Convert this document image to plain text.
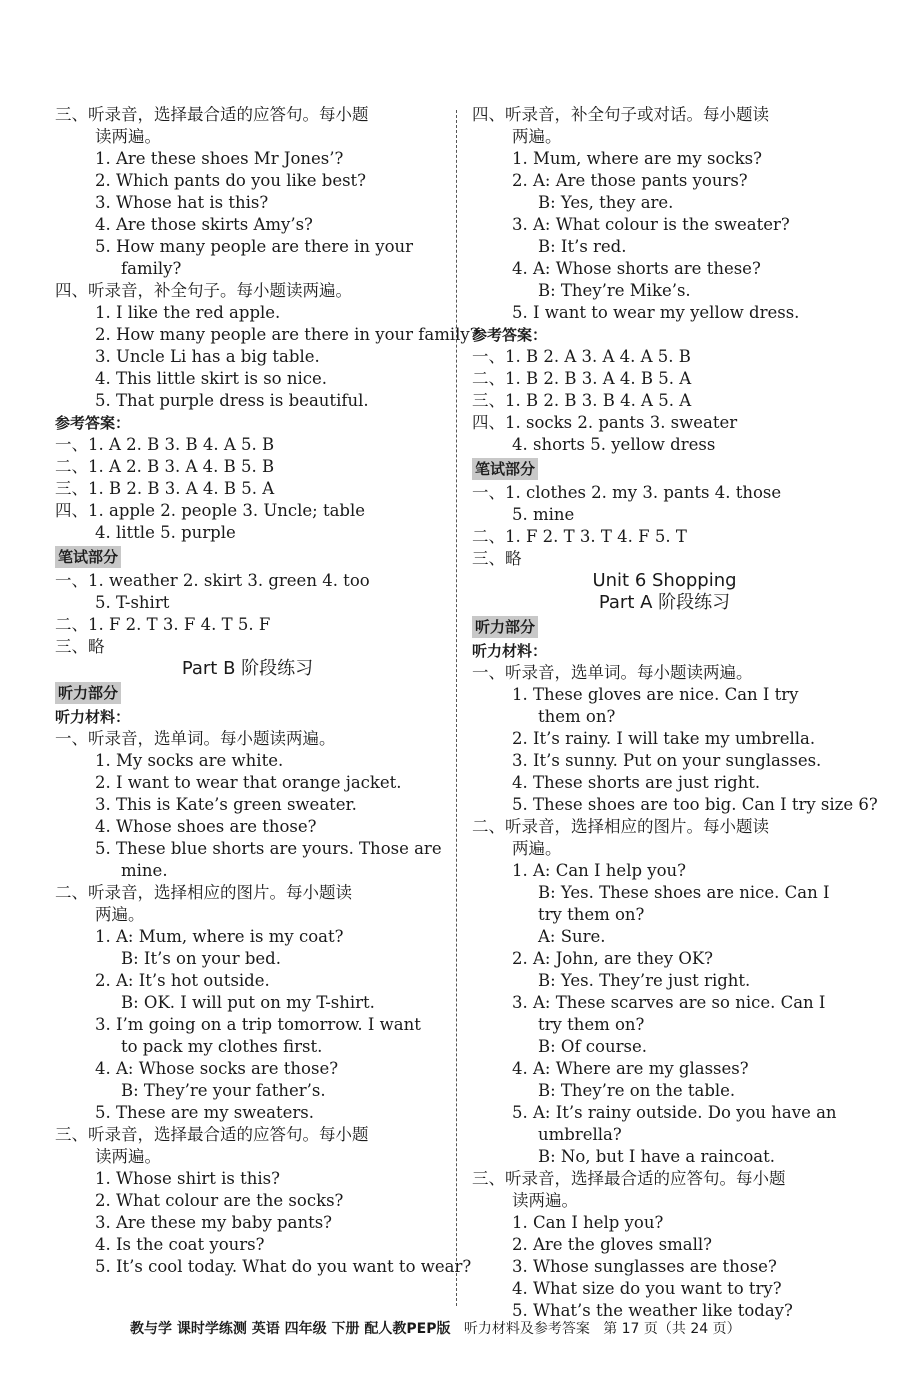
三、听录音，选择最合适的应答句。每小题
读两遍。
1. Are these shoes Mr Jones’?
2. Which pants do you like best?
3. Whose hat is this?
4. Are those skirts Amy’s?
5. How many people are there in your
family?
四、听录音，补全句子。每小题读两遍。
1. I like the red apple.
2. How many people are there in your family?
3. Uncle Li has a big table.
4. This little skirt is so nice.
5. That purple dress is beautiful.
参考答案：
一、1. A 2. B 3. B 4. A 5. B
二、1. A 2. B 3. A 4. B 5. B
三、1. B 2. B 3. A 4. B 5. A
四、1. apple 2. people 3. Uncle; table
4. little 5. purple
笔试部分
一、1. weather 2. skirt 3. green 4. too
5. T-shirt
二、1. F 2. T 3. F 4. T 5. F
三、略
Part B 阶段练习
听力部分
听力材料：
一、听录音，选单词。每小题读两遍。
1. My socks are white.
2. I want to wear that orange jacket.
3. This is Kate’s green sweater.
4. Whose shoes are those?
5. These blue shorts are yours. Those are
mine.
二、听录音，选择相应的图片。每小题读
两遍。
1. A: Mum, where is my coat?
B: It’s on your bed.
2. A: It’s hot outside.
B: OK. I will put on my T-shirt.
3. I’m going on a trip tomorrow. I want
to pack my clothes first.
4. A: Whose socks are those?
B: They’re your father’s.
5. These are my sweaters.
三、听录音，选择最合适的应答句。每小题
读两遍。
1. Whose shirt is this?
2. What colour are the socks?
3. Are these my baby pants?
4. Is the coat yours?
5. It’s cool today. What do you want to wear?
四、听录音，补全句子或对话。每小题读
两遍。
1. Mum, where are my socks?
2. A: Are those pants yours?
B: Yes, they are.
3. A: What colour is the sweater?
B: It’s red.
4. A: Whose shorts are these?
B: They’re Mike’s.
5. I want to wear my yellow dress.
参考答案：
一、1. B 2. A 3. A 4. A 5. B
二、1. B 2. B 3. A 4. B 5. A
三、1. B 2. B 3. B 4. A 5. A
四、1. socks 2. pants 3. sweater
4. shorts 5. yellow dress
笔试部分
一、1. clothes 2. my 3. pants 4. those
5. mine
二、1. F 2. T 3. T 4. F 5. T
三、略
Unit 6 Shopping
Part A 阶段练习
听力部分
听力材料：
一、听录音，选单词。每小题读两遍。
1. These gloves are nice. Can I try
them on?
2. It’s rainy. I will take my umbrella.
3. It’s sunny. Put on your sunglasses.
4. These shorts are just right.
5. These shoes are too big. Can I try size 6?
二、听录音，选择相应的图片。每小题读
两遍。
1. A: Can I help you?
B: Yes. These shoes are nice. Can I
try them on?
A: Sure.
2. A: John, are they OK?
B: Yes. They’re just right.
3. A: These scarves are so nice. Can I
try them on?
B: Of course.
4. A: Where are my glasses?
B: They’re on the table.
5. A: It’s rainy outside. Do you have an
umbrella?
B: No, but I have a raincoat.
三、听录音，选择最合适的应答句。每小题
读两遍。
1. Can I help you?
2. Are the gloves small?
3. Whose sunglasses are those?
4. What size do you want to try?
5. What’s the weather like today?
教与学 课时学练测 英语 四年级 下册 配人教PEP版 听力材料及参考答案 第 17 页（共 24 页）
